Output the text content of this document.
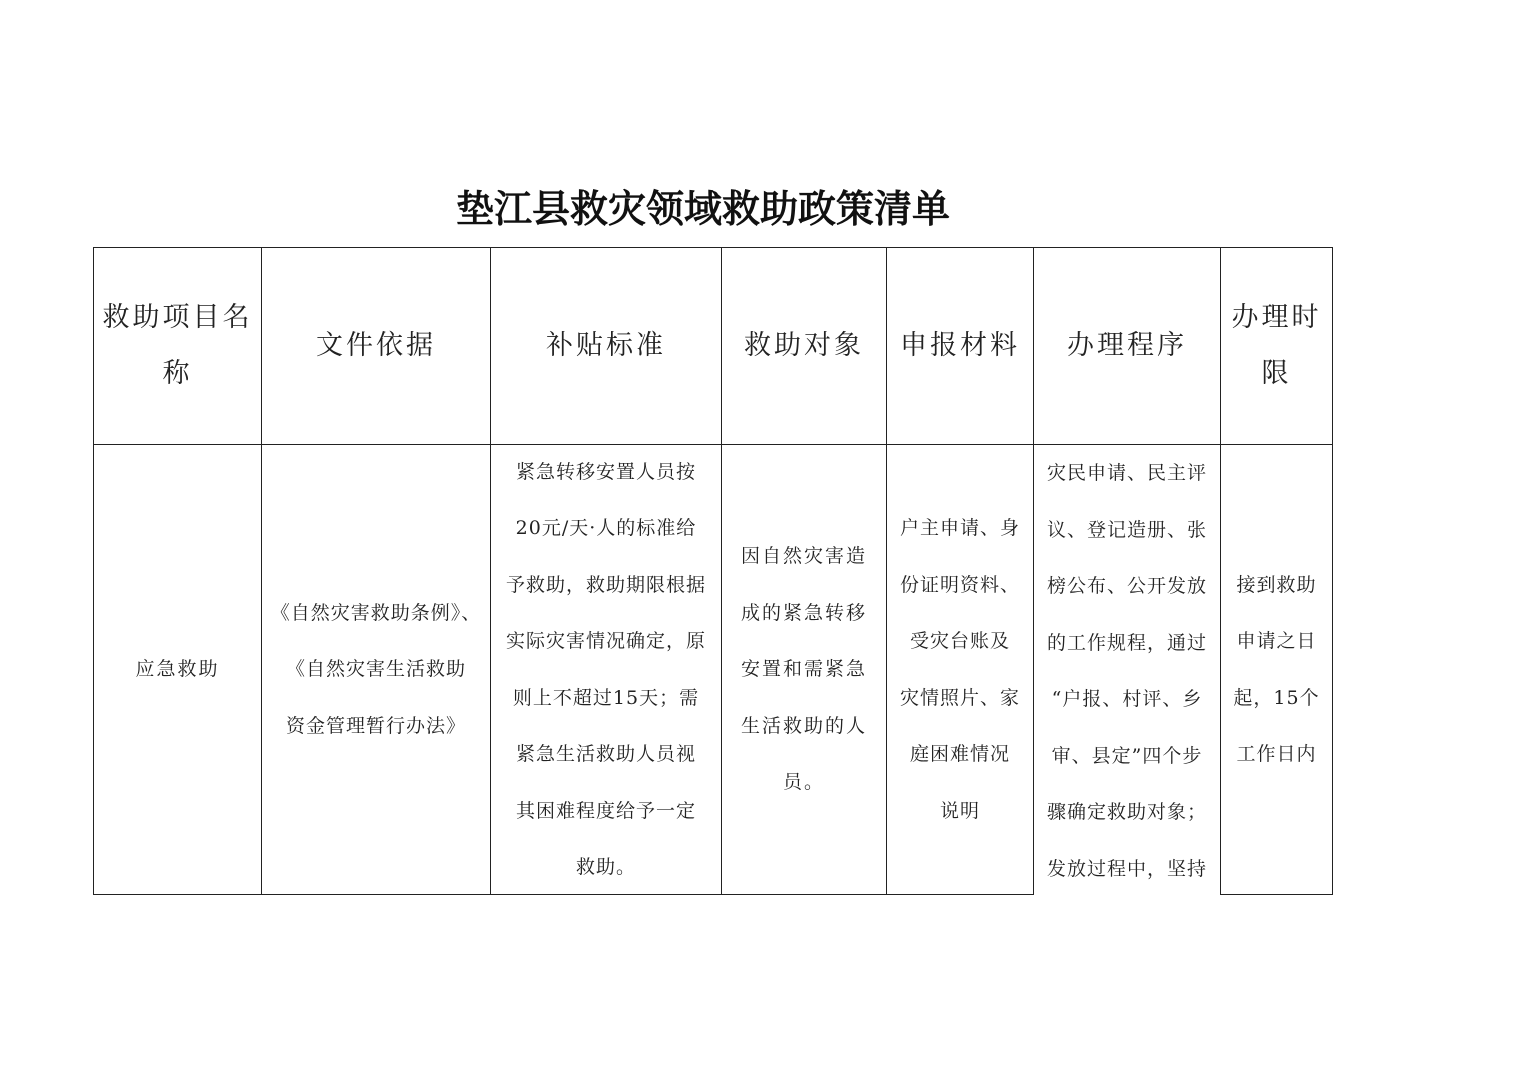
垫江县救灾领域救助政策清单
救助项目名
称
文件依据	补贴标准	救助对象 申报材料 办理程序
办理时
限
应急救助
《自然灾害救助条例》、
《自然灾害生活救助
资金管理暂行办法》
紧急转移安置人员按
20元/天·人的标准给
予救助，救助期限根据
实际灾害情况确定，原
则上不超过15天；需
紧急生活救助人员视
其困难程度给予一定
救助。
因自然灾害造
成的紧急转移
安置和需紧急
生活救助的人
员。
户主申请、身
份证明资料、
受灾台账及
灾情照片、家
庭困难情况
说明
灾民申请、民主评
议、登记造册、张
榜公布、公开发放
的工作规程，通过
“户报、村评、乡
审、县定”四个步
骤确定救助对象；
发放过程中，坚持
接到救助
申请之日
起，15个
工作日内
